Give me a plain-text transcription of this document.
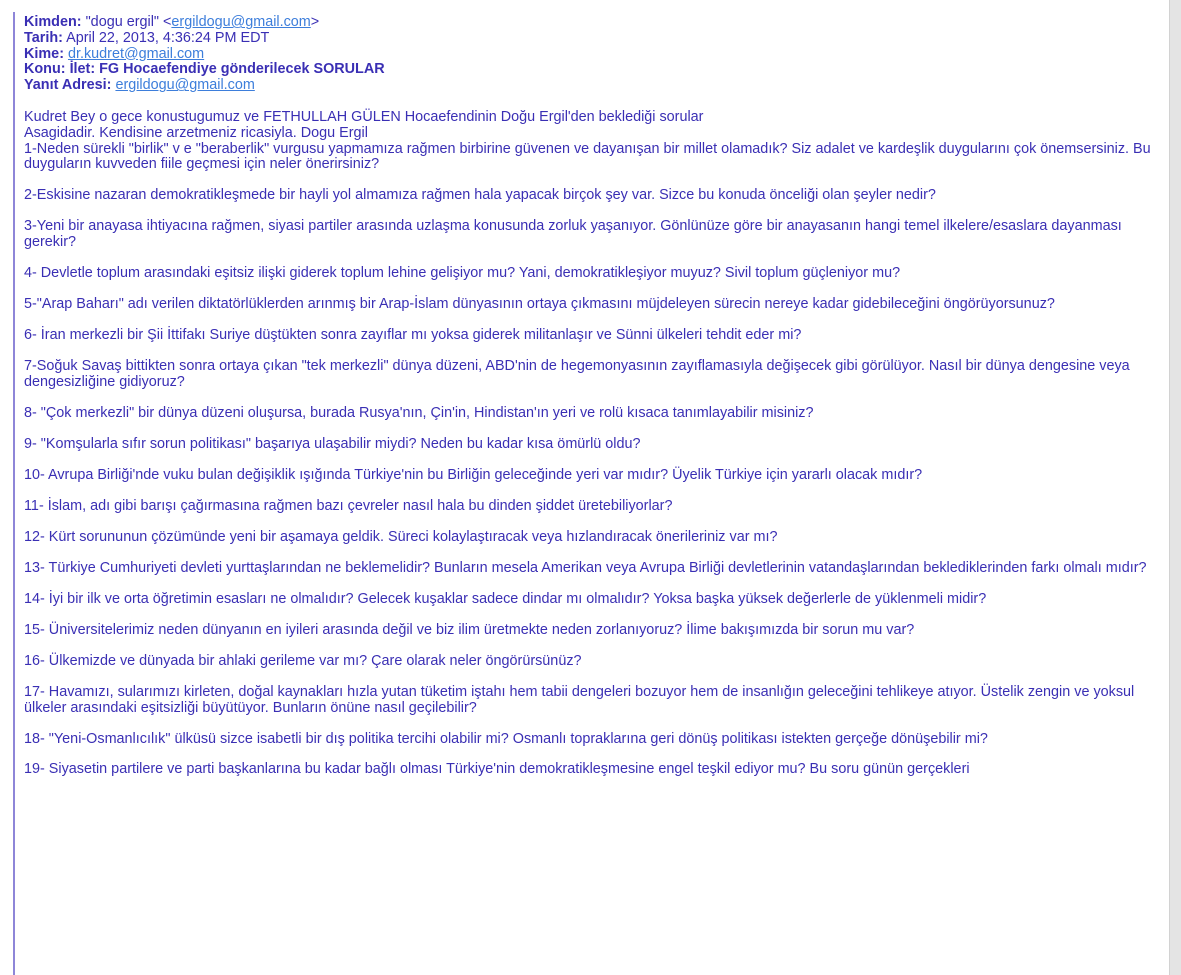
Kimden: "dogu ergil" <ergildogu@gmail.com>
Tarih: April 22, 2013, 4:36:24 PM EDT
Kime: dr.kudret@gmail.com
Konu: İlet: FG Hocaefendiye gönderilecek SORULAR
Yanıt Adresi: ergildogu@gmail.com
Kudret Bey o gece konustugumuz ve FETHULLAH GÜLEN Hocaefendinin Doğu Ergil'den beklediği sorular
Asagidadir. Kendisine arzetmeniz ricasiyla. Dogu Ergil

1-Neden sürekli "birlik" v e "beraberlik" vurgusu yapmamıza rağmen birbirine güvenen ve dayanışan bir millet olamadık? Siz adalet ve kardeşlik duygularını çok önemsersiniz. Bu duyguların kuvveden fiile geçmesi için neler önerirsiniz?

2-Eskisine nazaran demokratikleşmede bir hayli yol almamıza rağmen hala yapacak birçok şey var. Sizce bu konuda önceliği olan şeyler nedir?

3-Yeni bir anayasa ihtiyacına rağmen, siyasi partiler arasında uzlaşma konusunda zorluk yaşanıyor. Gönlünüze göre bir anayasanın hangi temel ilkelere/esaslara dayanması gerekir?

4- Devletle toplum arasındaki eşitsiz ilişki giderek toplum lehine gelişiyor mu? Yani, demokratikleşiyor muyuz? Sivil toplum güçleniyor mu?

5-"Arap Baharı" adı verilen diktatörlüklerden arınmış bir Arap-İslam dünyasının ortaya çıkmasını müjdeleyen sürecin nereye kadar gidebileceğini öngörüyorsunuz?

6- İran merkezli bir Şii İttifakı Suriye düştükten sonra zayıflar mı yoksa giderek militanlaşır ve Sünni ülkeleri tehdit eder mi?

7-Soğuk Savaş bittikten sonra ortaya çıkan "tek merkezli" dünya düzeni, ABD'nin de hegemonyasının zayıflamasıyla değişecek gibi görülüyor. Nasıl bir dünya dengesine veya dengesizliğine gidiyoruz?

8- "Çok merkezli" bir dünya düzeni oluşursa, burada Rusya'nın, Çin'in, Hindistan'ın yeri ve rolü kısaca tanımlayabilir misiniz?

9- "Komşularla sıfır sorun politikası" başarıya ulaşabilir miydi? Neden bu kadar kısa ömürlü oldu?

10- Avrupa Birliği'nde vuku bulan değişiklik ışığında Türkiye'nin bu Birliğin geleceğinde yeri var mıdır? Üyelik Türkiye için yararlı olacak mıdır?

11- İslam, adı gibi barışı çağırmasına rağmen bazı çevreler nasıl hala bu dinden şiddet üretebiliyorlar?

12- Kürt sorununun çözümünde yeni bir aşamaya geldik. Süreci kolaylaştıracak veya hızlandıracak önerileriniz var mı?

13- Türkiye Cumhuriyeti devleti yurttaşlarından ne beklemelidir? Bunların mesela Amerikan veya Avrupa Birliği devletlerinin vatandaşlarından beklediklerinden farkı olmalı mıdır?

14- İyi bir ilk ve orta öğretimin esasları ne olmalıdır? Gelecek kuşaklar sadece dindar mı olmalıdır? Yoksa başka yüksek değerlerle de yüklenmeli midir?

15- Üniversitelerimiz neden dünyanın en iyileri arasında değil ve biz ilim üretmekte neden zorlanıyoruz? İlime bakışımızda bir sorun mu var?

16- Ülkemizde ve dünyada bir ahlaki gerileme var mı? Çare olarak neler öngörürsünüz?

17- Havamızı, sularımızı kirleten, doğal kaynakları hızla yutan tüketim iştahı hem tabii dengeleri bozuyor hem de insanlığın geleceğini tehlikeye atıyor. Üstelik zengin ve yoksul ülkeler arasındaki eşitsizliği büyütüyor. Bunların önüne nasıl geçilebilir?

18- "Yeni-Osmanlıcılık" ülküsü sizce isabetli bir dış politika tercihi olabilir mi? Osmanlı topraklarına geri dönüş politikası istekten gerçeğe dönüşebilir mi?

19- Siyasetin partilere ve parti başkanlarına bu kadar bağlı olması Türkiye'nin demokratikleşmesine engel teşkil ediyor mu? Bu soru günün gerçekleri
